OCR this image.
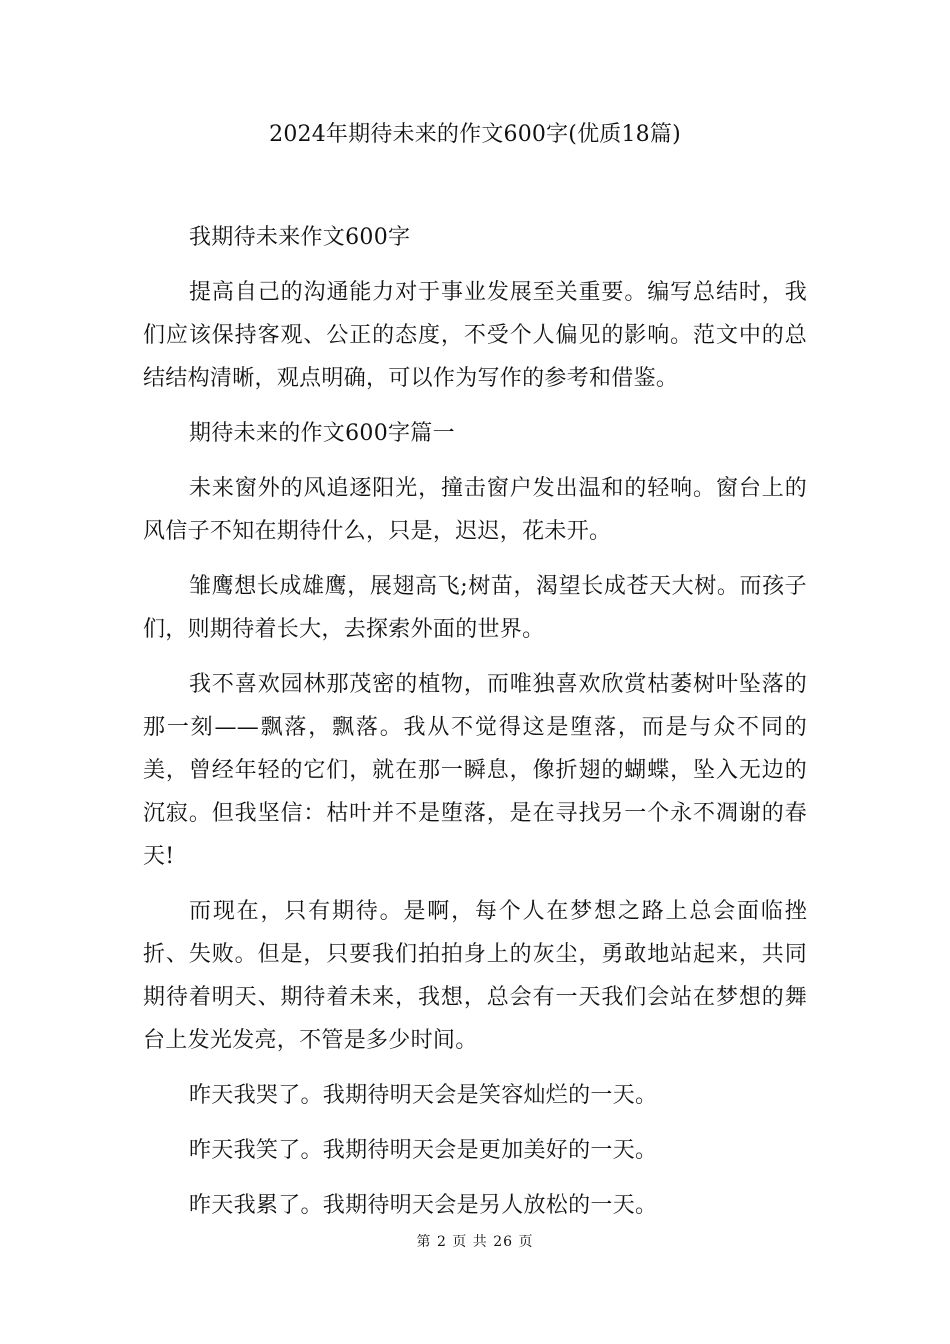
2024年期待未来的作文600字(优质18篇)

我期待未来作文600字

提高自己的沟通能力对于事业发展至关重要。编写总结时，我们应该保持客观、公正的态度，不受个人偏见的影响。范文中的总结结构清晰，观点明确，可以作为写作的参考和借鉴。

期待未来的作文600字篇一

未来窗外的风追逐阳光，撞击窗户发出温和的轻响。窗台上的风信子不知在期待什么，只是，迟迟，花未开。

雏鹰想长成雄鹰，展翅高飞;树苗，渴望长成苍天大树。而孩子们，则期待着长大，去探索外面的世界。

我不喜欢园林那茂密的植物，而唯独喜欢欣赏枯萎树叶坠落的那一刻——飘落，飘落。我从不觉得这是堕落，而是与众不同的美，曾经年轻的它们，就在那一瞬息，像折翅的蝴蝶，坠入无边的沉寂。但我坚信：枯叶并不是堕落，是在寻找另一个永不凋谢的春天!

而现在，只有期待。是啊，每个人在梦想之路上总会面临挫折、失败。但是，只要我们拍拍身上的灰尘，勇敢地站起来，共同期待着明天、期待着未来，我想，总会有一天我们会站在梦想的舞台上发光发亮，不管是多少时间。

昨天我哭了。我期待明天会是笑容灿烂的一天。

昨天我笑了。我期待明天会是更加美好的一天。

昨天我累了。我期待明天会是另人放松的一天。

第 2 页 共 26 页
